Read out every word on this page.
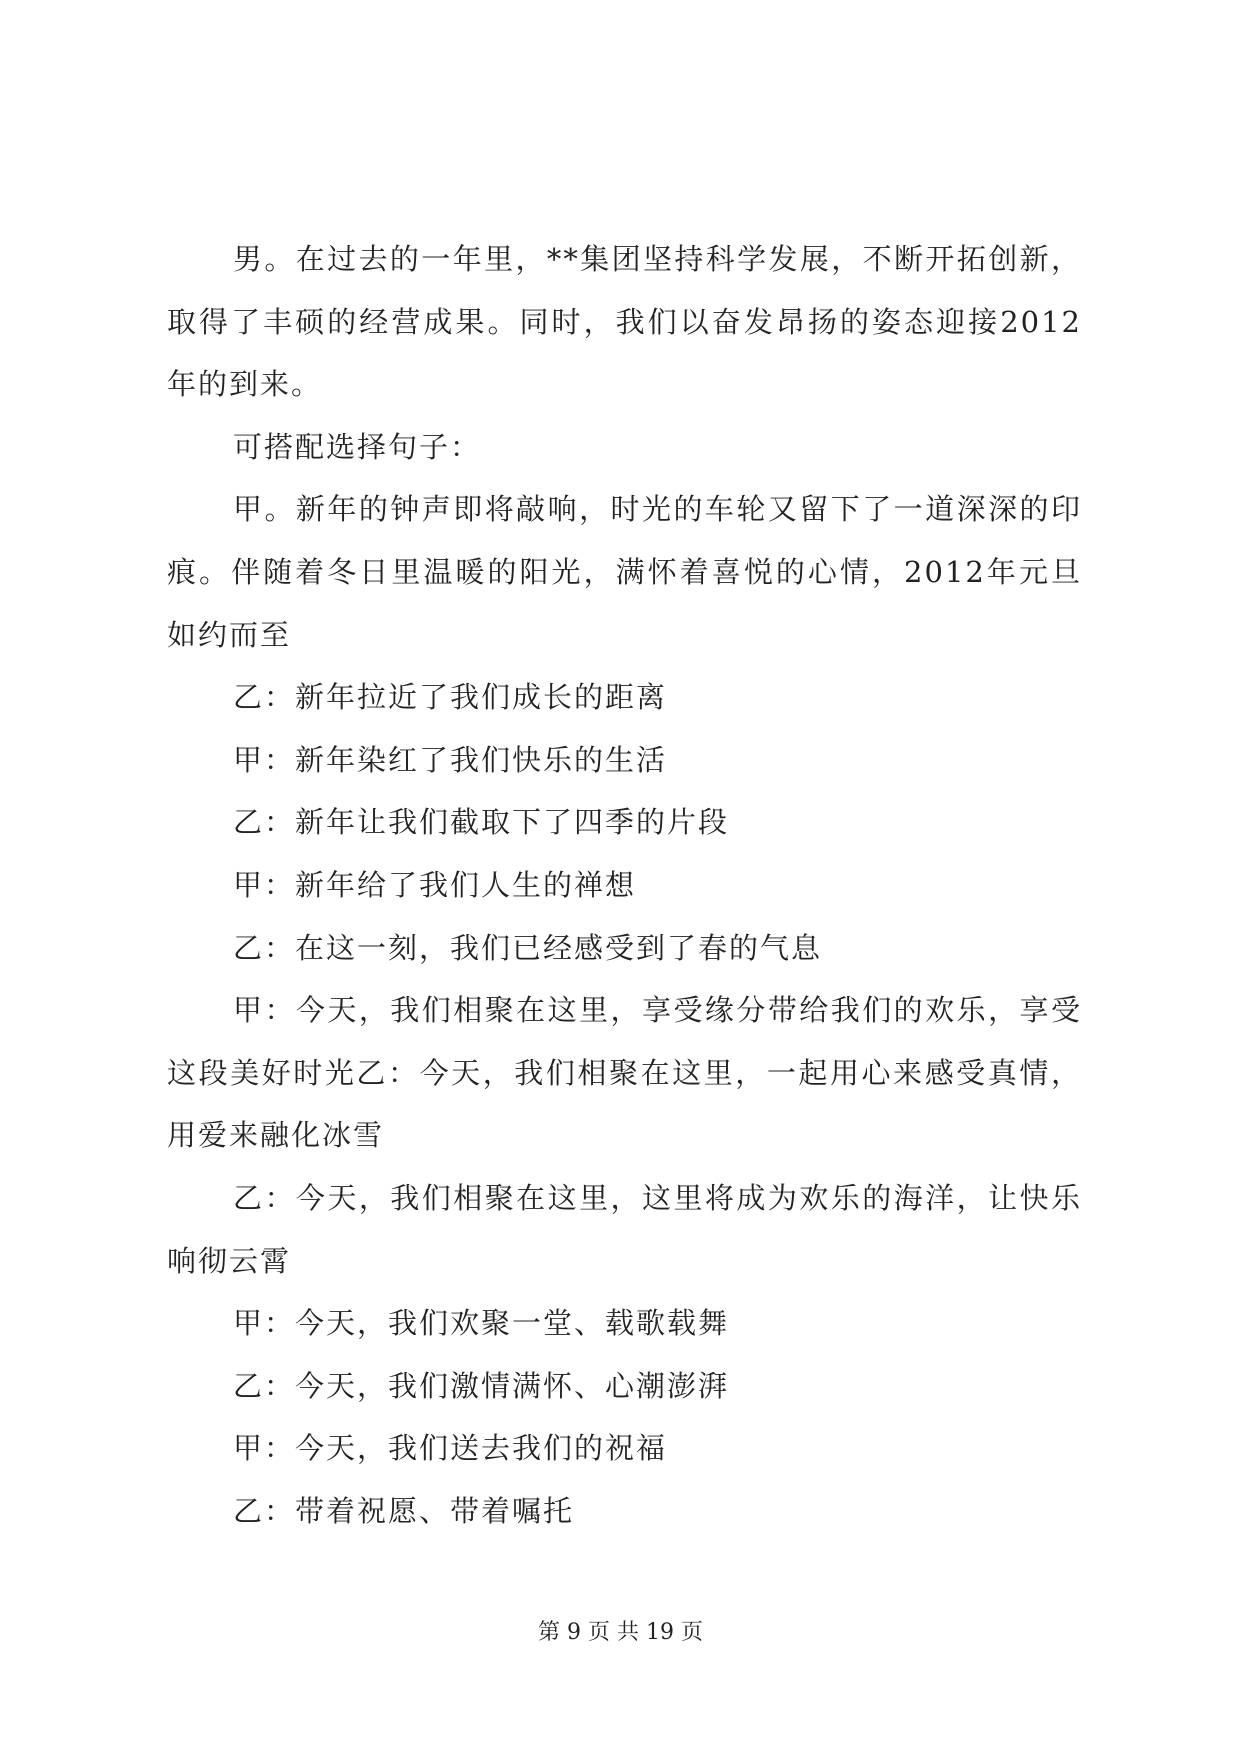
男。在过去的一年里，**集团坚持科学发展，不断开拓创新，取得了丰硕的经营成果。同时，我们以奋发昂扬的姿态迎接2012年的到来。

可搭配选择句子：

甲。新年的钟声即将敲响，时光的车轮又留下了一道深深的印痕。伴随着冬日里温暖的阳光，满怀着喜悦的心情，2012年元旦如约而至

乙：新年拉近了我们成长的距离

甲：新年染红了我们快乐的生活

乙：新年让我们截取下了四季的片段

甲：新年给了我们人生的禅想

乙：在这一刻，我们已经感受到了春的气息

甲：今天，我们相聚在这里，享受缘分带给我们的欢乐，享受这段美好时光乙：今天，我们相聚在这里，一起用心来感受真情，用爱来融化冰雪

乙：今天，我们相聚在这里，这里将成为欢乐的海洋，让快乐响彻云霄

甲：今天，我们欢聚一堂、载歌载舞

乙：今天，我们激情满怀、心潮澎湃

甲：今天，我们送去我们的祝福

乙：带着祝愿、带着嘱托

第 9 页 共 19 页
